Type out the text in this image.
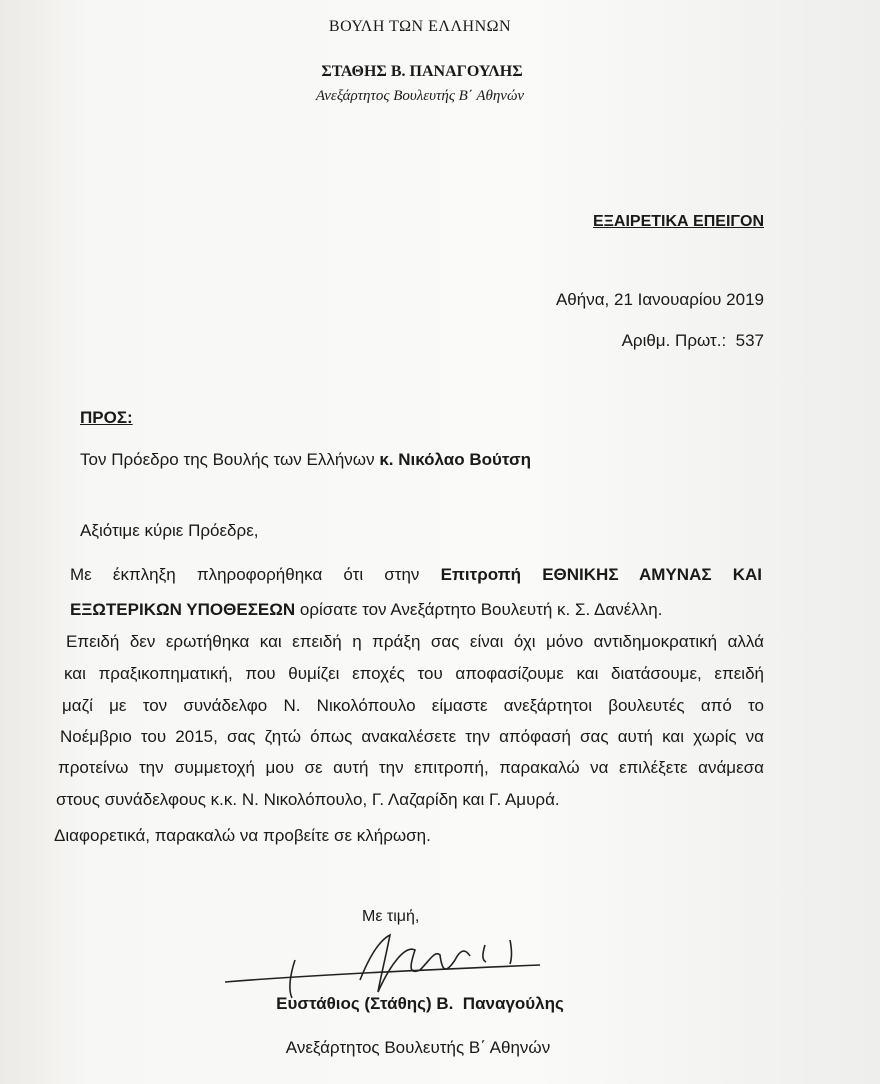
ΒΟΥΛΗ ΤΩΝ ΕΛΛΗΝΩΝ
ΣΤΑΘΗΣ Β. ΠΑΝΑΓΟΥΛΗΣ
Ανεξάρτητος Βουλευτής Β΄ Αθηνών
ΕΞΑΙΡΕΤΙΚΑ ΕΠΕΙΓΟΝ
Αθήνα, 21 Ιανουαρίου 2019
Αριθμ. Πρωτ.:  537
ΠΡΟΣ:
Τον Πρόεδρο της Βουλής των Ελλήνων κ. Νικόλαο Βούτση
Αξιότιμε κύριε Πρόεδρε,
Με έκπληξη πληροφορήθηκα ότι στην Επιτροπή ΕΘΝΙΚΗΣ ΑΜΥΝΑΣ ΚΑΙ
ΕΞΩΤΕΡΙΚΩΝ ΥΠΟΘΕΣΕΩΝ ορίσατε τον Ανεξάρτητο Βουλευτή κ. Σ. Δανέλλη.
Επειδή δεν ερωτήθηκα και επειδή η πράξη σας είναι όχι μόνο αντιδημοκρατική αλλά
και πραξικοπηματική, που θυμίζει εποχές του αποφασίζουμε και διατάσουμε, επειδή
μαζί με τον συνάδελφο Ν. Νικολόπουλο είμαστε ανεξάρτητοι βουλευτές από το
Νοέμβριο του 2015, σας ζητώ όπως ανακαλέσετε την απόφασή σας αυτή και χωρίς να
προτείνω την συμμετοχή μου σε αυτή την επιτροπή, παρακαλώ να επιλέξετε ανάμεσα
στους συνάδελφους κ.κ. Ν. Νικολόπουλο, Γ. Λαζαρίδη και Γ. Αμυρά.
Διαφορετικά, παρακαλώ να προβείτε σε κλήρωση.
Με τιμή,
Ευστάθιος (Στάθης) Β.  Παναγούλης
Ανεξάρτητος Βουλευτής Β΄ Αθηνών
